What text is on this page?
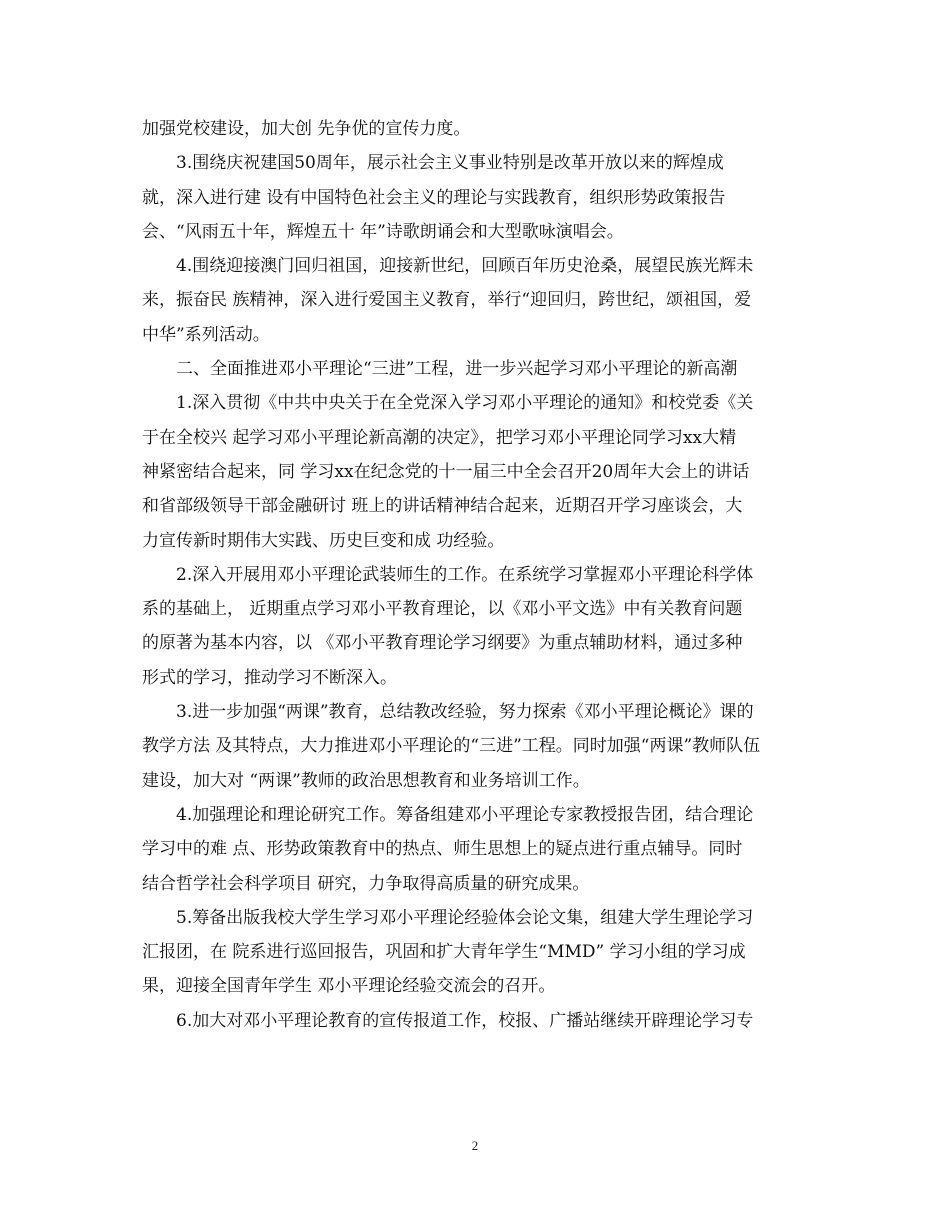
加强党校建设，加大创 先争优的宣传力度。
3.围绕庆祝建国50周年，展示社会主义事业特别是改革开放以来的辉煌成
就，深入进行建 设有中国特色社会主义的理论与实践教育，组织形势政策报告
会、“风雨五十年，辉煌五十 年”诗歌朗诵会和大型歌咏演唱会。
4.围绕迎接澳门回归祖国，迎接新世纪，回顾百年历史沧桑，展望民族光辉未
来，振奋民 族精神，深入进行爱国主义教育，举行“迎回归，跨世纪，颂祖国，爱
中华”系列活动。
二、全面推进邓小平理论“三进”工程，进一步兴起学习邓小平理论的新高潮
1.深入贯彻《中共中央关于在全党深入学习邓小平理论的通知》和校党委《关
于在全校兴 起学习邓小平理论新高潮的决定》，把学习邓小平理论同学习xx大精
神紧密结合起来，同 学习xx在纪念党的十一届三中全会召开20周年大会上的讲话
和省部级领导干部金融研讨 班上的讲话精神结合起来，近期召开学习座谈会，大
力宣传新时期伟大实践、历史巨变和成 功经验。
2.深入开展用邓小平理论武装师生的工作。在系统学习掌握邓小平理论科学体
系的基础上， 近期重点学习邓小平教育理论，以《邓小平文选》中有关教育问题
的原著为基本内容，以 《邓小平教育理论学习纲要》为重点辅助材料，通过多种
形式的学习，推动学习不断深入。
3.进一步加强“两课”教育，总结教改经验，努力探索《邓小平理论概论》课的
教学方法 及其特点，大力推进邓小平理论的“三进”工程。同时加强“两课”教师队伍
建设，加大对 “两课”教师的政治思想教育和业务培训工作。
4.加强理论和理论研究工作。筹备组建邓小平理论专家教授报告团，结合理论
学习中的难 点、形势政策教育中的热点、师生思想上的疑点进行重点辅导。同时
结合哲学社会科学项目 研究，力争取得高质量的研究成果。
5.筹备出版我校大学生学习邓小平理论经验体会论文集，组建大学生理论学习
汇报团，在 院系进行巡回报告，巩固和扩大青年学生“MMD” 学习小组的学习成
果，迎接全国青年学生 邓小平理论经验交流会的召开。
6.加大对邓小平理论教育的宣传报道工作，校报、广播站继续开辟理论学习专
2
